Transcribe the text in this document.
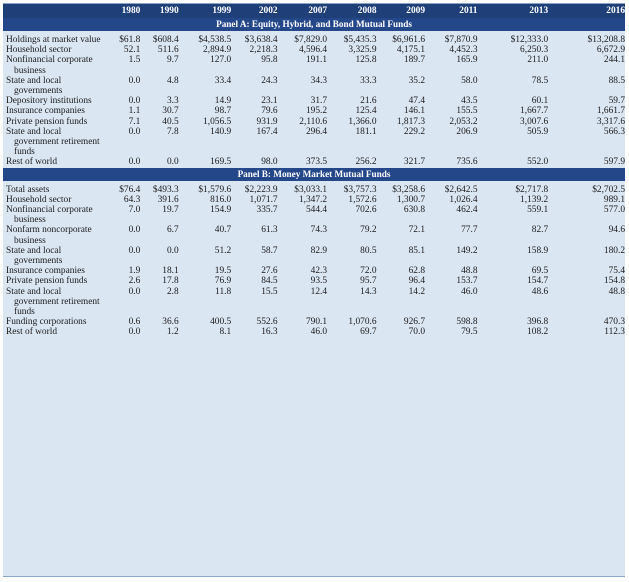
	1980	1990	1999	2002	2007	2008	2009	2011	2013	2016
Panel A: Equity, Hybrid, and Bond Mutual Funds										

Holdings at market value	$61.8	$608.4	$4,538.5	$3,638.4	$7,829.0	$5,435.3	$6,961.6	$7,870.9	$12,333.0	$13,208.8

Household sector	52.1	511.6	2,894.9	2,218.3	4,596.4	3,325.9	4,175.1	4,452.3	6,250.3	6,672.9

Nonfinancial corporate business	1.5	9.7	127.0	95.8	191.1	125.8	189.7	165.9	211.0	244.1

State and local governments	0.0	4.8	33.4	24.3	34.3	33.3	35.2	58.0	78.5	88.5

Depository institutions	0.0	3.3	14.9	23.1	31.7	21.6	47.4	43.5	60.1	59.7

Insurance companies	1.1	30.7	98.7	79.6	195.2	125.4	146.1	155.5	1,667.7	1,661.7

Private pension funds	7.1	40.5	1,056.5	931.9	2,110.6	1,366.0	1,817.3	2,053.2	3,007.6	3,317.6

State and local government retirement funds	0.0	7.8	140.9	167.4	296.4	181.1	229.2	206.9	505.9	566.3

Rest of world	0.0	0.0	169.5	98.0	373.5	256.2	321.7	735.6	552.0	597.9
Panel B: Money Market Mutual Funds										

Total assets	$76.4	$493.3	$1,579.6	$2,223.9	$3,033.1	$3,757.3	$3,258.6	$2,642.5	$2,717.8	$2,702.5

Household sector	64.3	391.6	816.0	1,071.7	1,347.2	1,572.6	1,300.7	1,026.4	1,139.2	989.1

Nonfinancial corporate business	7.0	19.7	154.9	335.7	544.4	702.6	630.8	462.4	559.1	577.0

Nonfarm noncorporate business	0.0	6.7	40.7	61.3	74.3	79.2	72.1	77.7	82.7	94.6

State and local governments	0.0	0.0	51.2	58.7	82.9	80.5	85.1	149.2	158.9	180.2

Insurance companies	1.9	18.1	19.5	27.6	42.3	72.0	62.8	48.8	69.5	75.4

Private pension funds	2.6	17.8	76.9	84.5	93.5	95.7	96.4	153.7	154.7	154.8

State and local government retirement funds	0.0	2.8	11.8	15.5	12.4	14.3	14.2	46.0	48.6	48.8

Funding corporations	0.6	36.6	400.5	552.6	790.1	1,070.6	926.7	598.8	396.8	470.3

Rest of world	0.0	1.2	8.1	16.3	46.0	69.7	70.0	79.5	108.2	112.3
